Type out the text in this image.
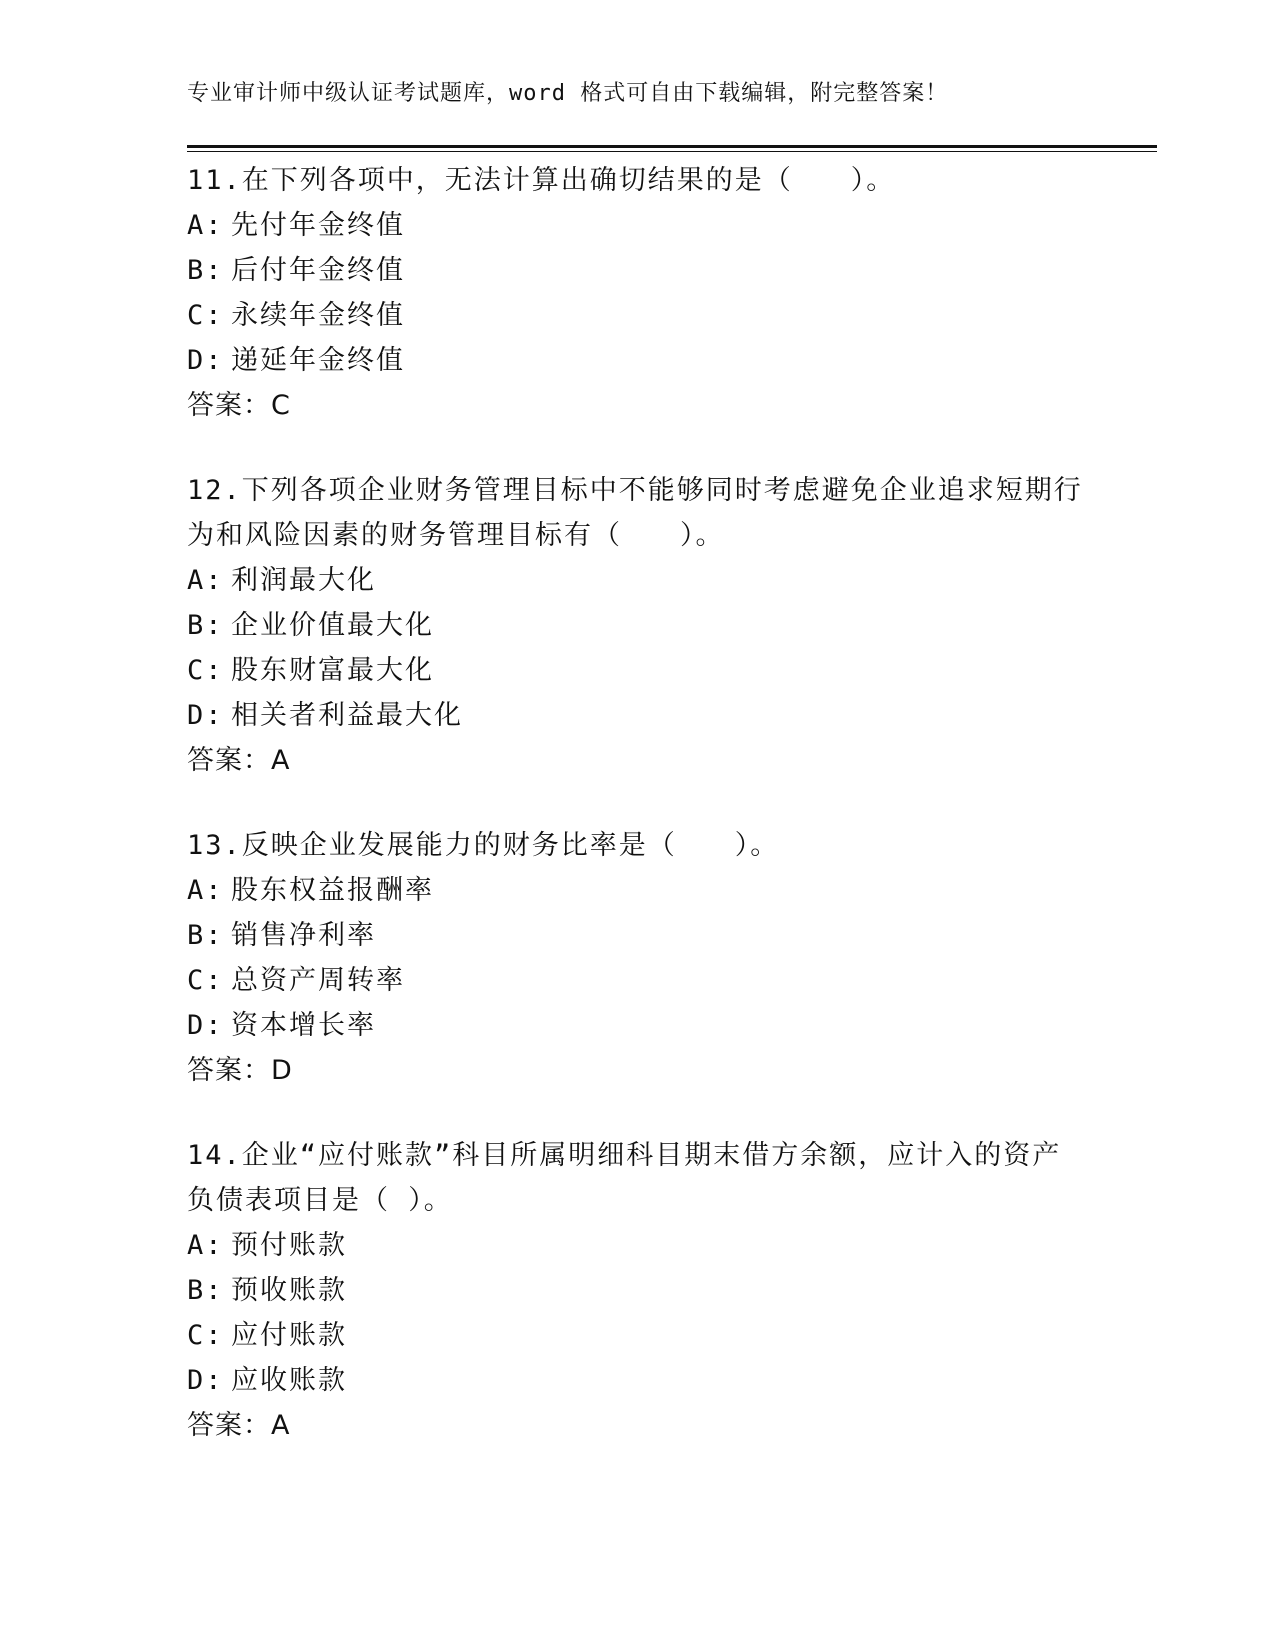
专业审计师中级认证考试题库，word 格式可自由下载编辑，附完整答案！

11.在下列各项中，无法计算出确切结果的是（　　）。

A: 先付年金终值
B: 后付年金终值
C: 永续年金终值
D: 递延年金终值
答案：C

12.下列各项企业财务管理目标中不能够同时考虑避免企业追求短期行为和风险因素的财务管理目标有（　　）。

A: 利润最大化
B: 企业价值最大化
C: 股东财富最大化
D: 相关者利益最大化
答案：A

13.反映企业发展能力的财务比率是（　　）。

A: 股东权益报酬率
B: 销售净利率
C: 总资产周转率
D: 资本增长率
答案：D

14.企业“应付账款”科目所属明细科目期末借方余额，应计入的资产负债表项目是（ ）。

A: 预付账款
B: 预收账款
C: 应付账款
D: 应收账款
答案：A
